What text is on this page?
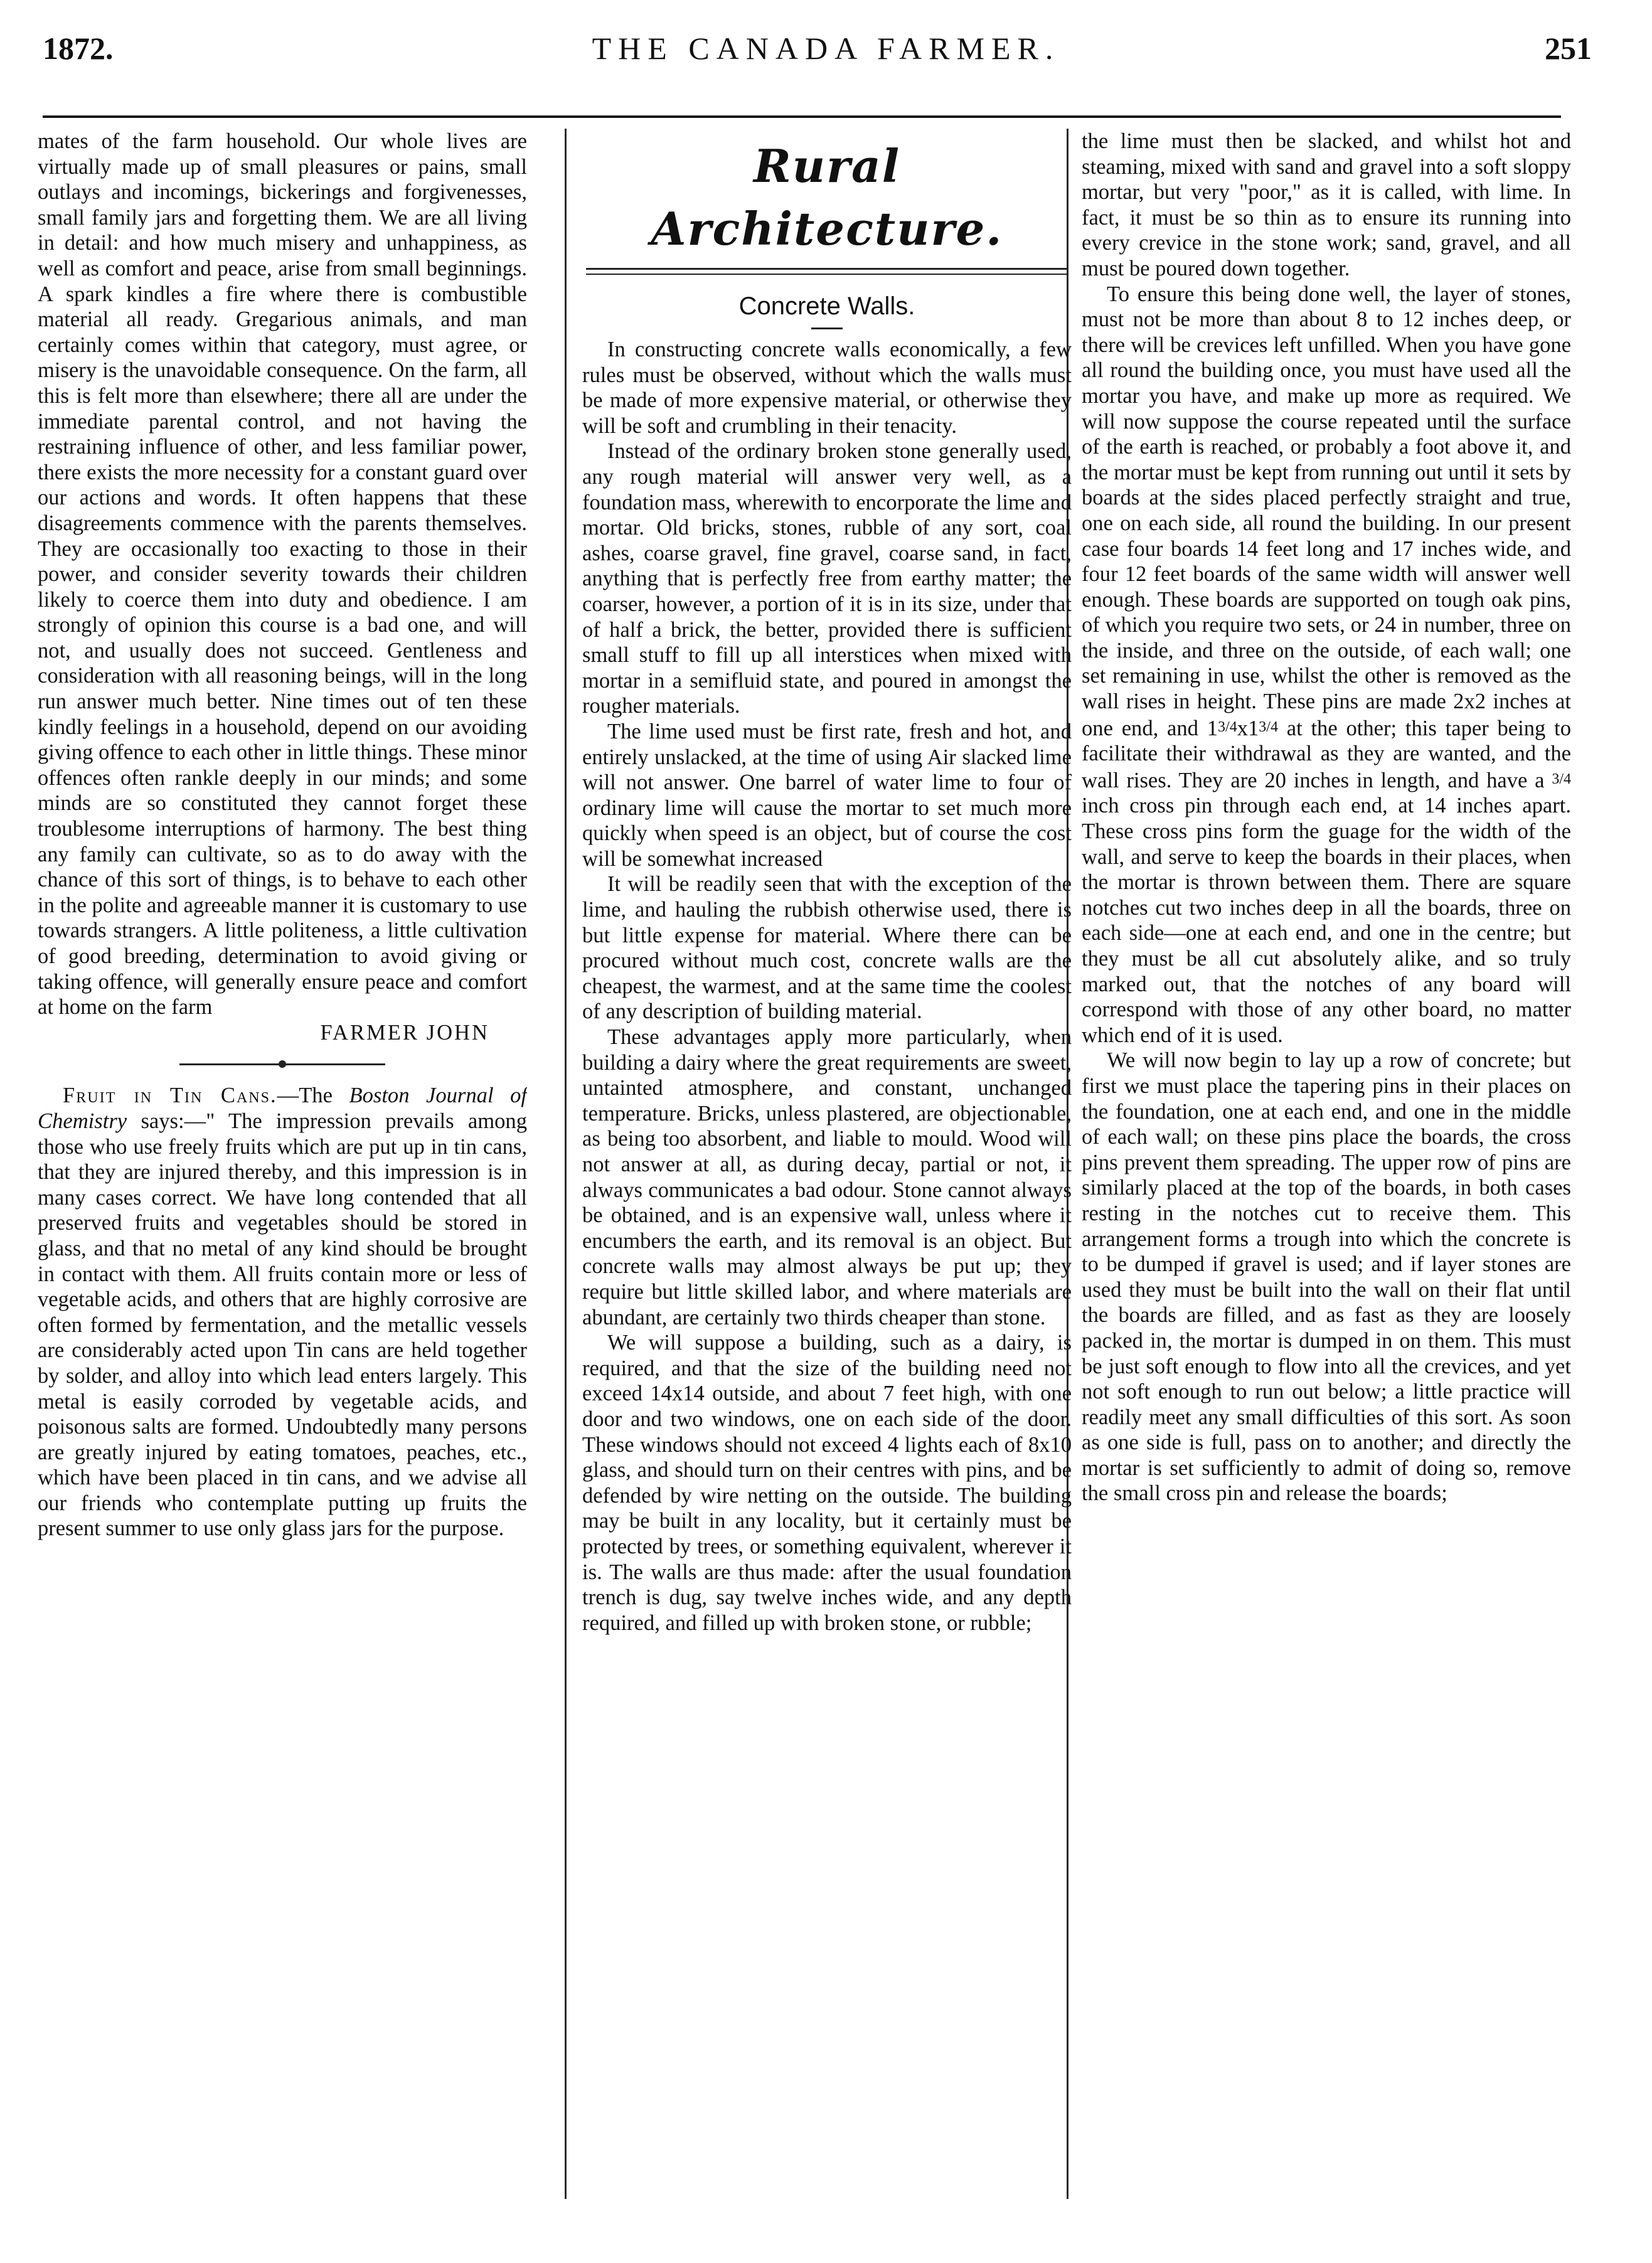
1872.	THE CANADA FARMER.	251

mates of the farm household. Our whole lives are virtually made up of small pleasures or pains, small outlays and incomings, bickerings and forgivenesses, small family jars and forgetting them. We are all living in detail: and how much misery and unhappiness, as well as comfort and peace, arise from small beginnings. A spark kindles a fire where there is combustible material all ready. Gregarious animals, and man certainly comes within that category, must agree, or misery is the unavoidable consequence. On the farm, all this is felt more than elsewhere; there all are under the immediate parental control, and not having the restraining influence of other, and less familiar power, there exists the more necessity for a constant guard over our actions and words. It often happens that these disagreements commence with the parents themselves. They are occasionally too exacting to those in their power, and consider severity towards their children likely to coerce them into duty and obedience. I am strongly of opinion this course is a bad one, and will not, and usually does not succeed. Gentleness and consideration with all reasoning beings, will in the long run answer much better. Nine times out of ten these kindly feelings in a household, depend on our avoiding giving offence to each other in little things. These minor offences often rankle deeply in our minds; and some minds are so constituted they cannot forget these troublesome interruptions of harmony. The best thing any family can cultivate, so as to do away with the chance of this sort of things, is to behave to each other in the polite and agreeable manner it is customary to use towards strangers. A little politeness, a little cultivation of good breeding, determination to avoid giving or taking offence, will generally ensure peace and comfort at home on the farm

FARMER JOHN

Fruit in Tin Cans.—The Boston Journal of Chemistry says:—" The impression prevails among those who use freely fruits which are put up in tin cans, that they are injured thereby, and this impression is in many cases correct. We have long contended that all preserved fruits and vegetables should be stored in glass, and that no metal of any kind should be brought in contact with them. All fruits contain more or less of vegetable acids, and others that are highly corrosive are often formed by fermentation, and the metallic vessels are considerably acted upon Tin cans are held together by solder, and alloy into which lead enters largely. This metal is easily corroded by vegetable acids, and poisonous salts are formed. Undoubtedly many persons are greatly injured by eating tomatoes, peaches, etc., which have been placed in tin cans, and we advise all our friends who contemplate putting up fruits the present summer to use only glass jars for the purpose.

Rural Architecture.
Concrete Walls.

In constructing concrete walls economically, a few rules must be observed, without which the walls must be made of more expensive material, or otherwise they will be soft and crumbling in their tenacity.

Instead of the ordinary broken stone generally used, any rough material will answer very well, as a foundation mass, wherewith to encorporate the lime and mortar. Old bricks, stones, rubble of any sort, coal ashes, coarse gravel, fine gravel, coarse sand, in fact, anything that is perfectly free from earthy matter; the coarser, however, a portion of it is in its size, under that of half a brick, the better, provided there is sufficient small stuff to fill up all interstices when mixed with mortar in a semifluid state, and poured in amongst the rougher materials.

The lime used must be first rate, fresh and hot, and entirely unslacked, at the time of using Air slacked lime will not answer. One barrel of water lime to four of ordinary lime will cause the mortar to set much more quickly when speed is an object, but of course the cost will be somewhat increased

It will be readily seen that with the exception of the lime, and hauling the rubbish otherwise used, there is but little expense for material. Where there can be procured without much cost, concrete walls are the cheapest, the warmest, and at the same time the coolest of any description of building material.

These advantages apply more particularly, when building a dairy where the great requirements are sweet, untainted atmosphere, and constant, unchanged temperature. Bricks, unless plastered, are objectionable, as being too absorbent, and liable to mould. Wood will not answer at all, as during decay, partial or not, it always communicates a bad odour. Stone cannot always be obtained, and is an expensive wall, unless where it encumbers the earth, and its removal is an object. But concrete walls may almost always be put up; they require but little skilled labor, and where materials are abundant, are certainly two thirds cheaper than stone.

We will suppose a building, such as a dairy, is required, and that the size of the building need not exceed 14x14 outside, and about 7 feet high, with one door and two windows, one on each side of the door. These windows should not exceed 4 lights each of 8x10 glass, and should turn on their centres with pins, and be defended by wire netting on the outside. The building may be built in any locality, but it certainly must be protected by trees, or something equivalent, wherever it is. The walls are thus made: after the usual foundation trench is dug, say twelve inches wide, and any depth required, and filled up with broken stone, or rubble;

the lime must then be slacked, and whilst hot and steaming, mixed with sand and gravel into a soft sloppy mortar, but very "poor," as it is called, with lime. In fact, it must be so thin as to ensure its running into every crevice in the stone work; sand, gravel, and all must be poured down together.

To ensure this being done well, the layer of stones, must not be more than about 8 to 12 inches deep, or there will be crevices left unfilled. When you have gone all round the building once, you must have used all the mortar you have, and make up more as required. We will now suppose the course repeated until the surface of the earth is reached, or probably a foot above it, and the mortar must be kept from running out until it sets by boards at the sides placed perfectly straight and true, one on each side, all round the building. In our present case four boards 14 feet long and 17 inches wide, and four 12 feet boards of the same width will answer well enough. These boards are supported on tough oak pins, of which you require two sets, or 24 in number, three on the inside, and three on the outside, of each wall; one set remaining in use, whilst the other is removed as the wall rises in height. These pins are made 2x2 inches at one end, and 13/4x13/4 at the other; this taper being to facilitate their withdrawal as they are wanted, and the wall rises. They are 20 inches in length, and have a 3/4 inch cross pin through each end, at 14 inches apart. These cross pins form the guage for the width of the wall, and serve to keep the boards in their places, when the mortar is thrown between them. There are square notches cut two inches deep in all the boards, three on each side—one at each end, and one in the centre; but they must be all cut absolutely alike, and so truly marked out, that the notches of any board will correspond with those of any other board, no matter which end of it is used.

We will now begin to lay up a row of concrete; but first we must place the tapering pins in their places on the foundation, one at each end, and one in the middle of each wall; on these pins place the boards, the cross pins prevent them spreading. The upper row of pins are similarly placed at the top of the boards, in both cases resting in the notches cut to receive them. This arrangement forms a trough into which the concrete is to be dumped if gravel is used; and if layer stones are used they must be built into the wall on their flat until the boards are filled, and as fast as they are loosely packed in, the mortar is dumped in on them. This must be just soft enough to flow into all the crevices, and yet not soft enough to run out below; a little practice will readily meet any small difficulties of this sort. As soon as one side is full, pass on to another; and directly the mortar is set sufficiently to admit of doing so, remove the small cross pin and release the boards;
